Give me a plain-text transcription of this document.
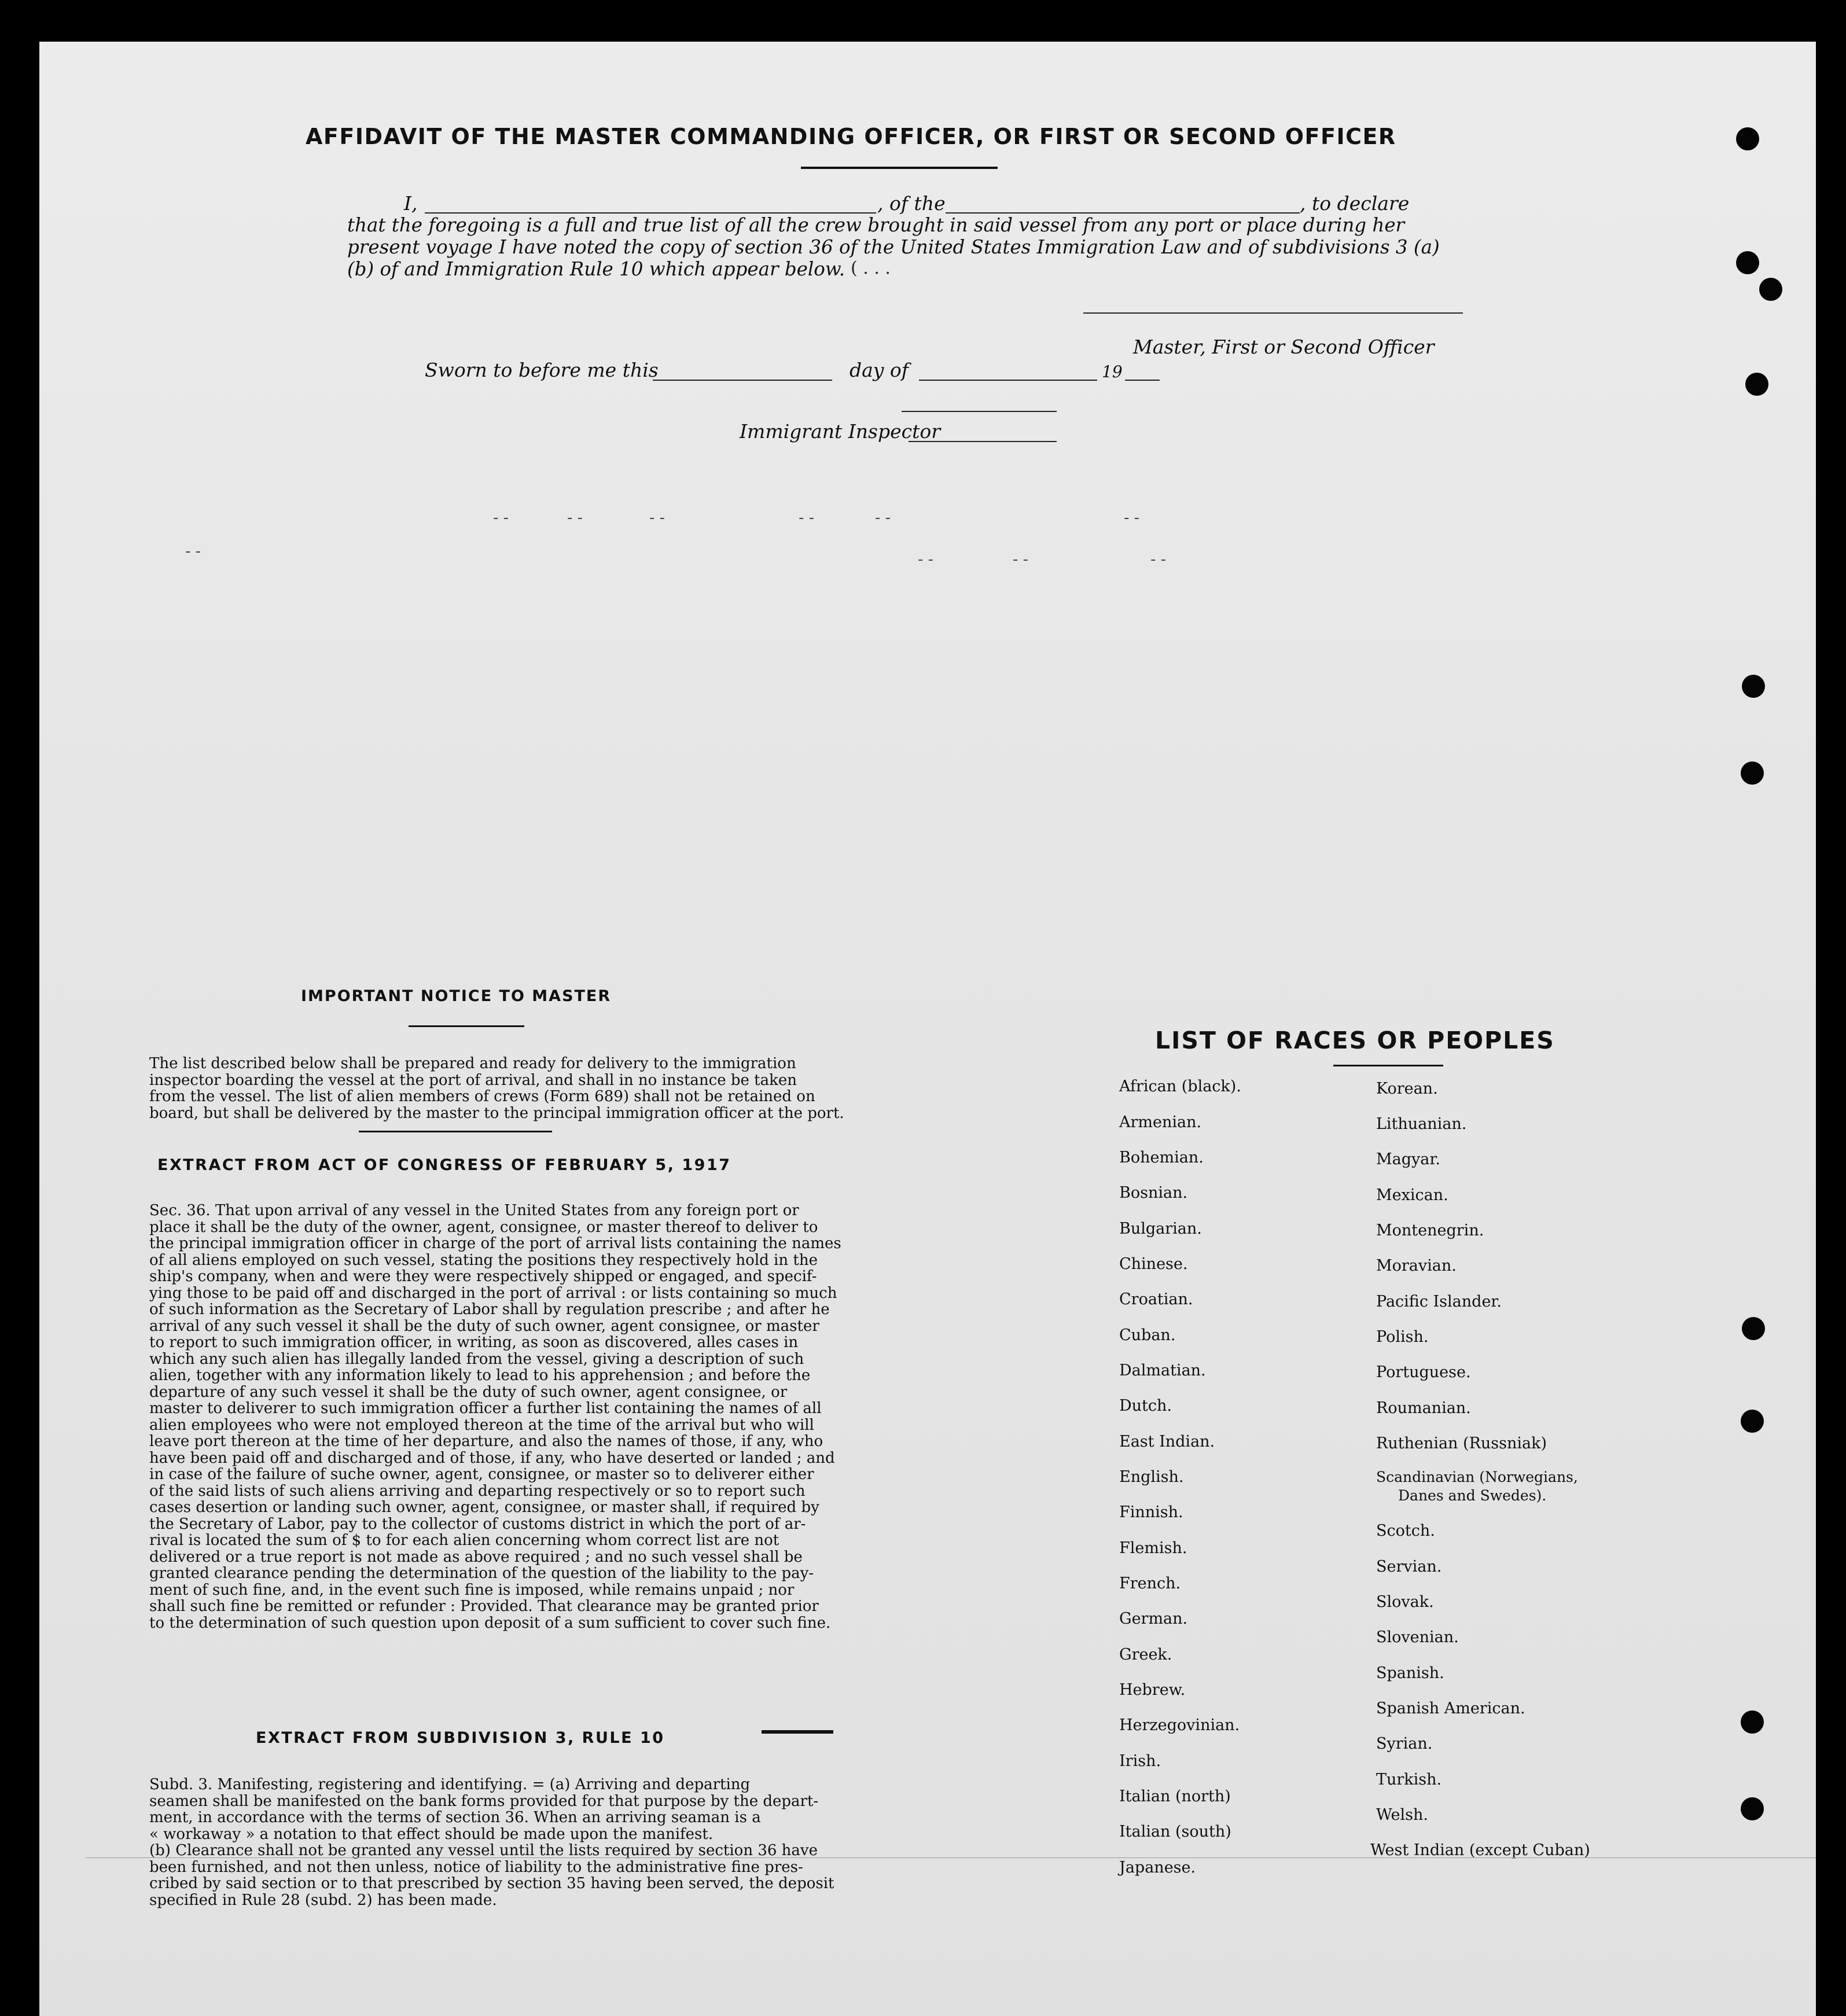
AFFIDAVIT OF THE MASTER COMMANDING OFFICER, OR FIRST OR SECOND OFFICER
I,	, of the	, to declare
that the foregoing is a full and true list of all the crew brought in said vessel from any port or place during her
present voyage I have noted the copy of section 36 of the United States Immigration Law and of subdivisions 3 (a)
(b) of and Immigration Rule 10 which appear below. ( . . .
Master, First or Second Officer
Sworn to before me this	day of	19
Immigrant Inspector
- -	- -	- -	- -	- -	- -
- -	- -	- -	- -
IMPORTANT NOTICE TO MASTER
The list described below shall be prepared and ready for delivery to the immigration
inspector boarding the vessel at the port of arrival, and shall in no instance be taken
from the vessel. The list of alien members of crews (Form 689) shall not be retained on
board, but shall be delivered by the master to the principal immigration officer at the port.
EXTRACT FROM ACT OF CONGRESS OF FEBRUARY 5, 1917
Sec. 36. That upon arrival of any vessel in the United States from any foreign port or
place it shall be the duty of the owner, agent, consignee, or master thereof to deliver to
the principal immigration officer in charge of the port of arrival lists containing the names
of all aliens employed on such vessel, stating the positions they respectively hold in the
ship's company, when and were they were respectively shipped or engaged, and specif-
ying those to be paid off and discharged in the port of arrival : or lists containing so much
of such information as the Secretary of Labor shall by regulation prescribe ; and after he
arrival of any such vessel it shall be the duty of such owner, agent consignee, or master
to report to such immigration officer, in writing, as soon as discovered, alles cases in
which any such alien has illegally landed from the vessel, giving a description of such
alien, together with any information likely to lead to his apprehension ; and before the
departure of any such vessel it shall be the duty of such owner, agent consignee, or
master to deliverer to such immigration officer a further list containing the names of all
alien employees who were not employed thereon at the time of the arrival but who will
leave port thereon at the time of her departure, and also the names of those, if any, who
have been paid off and discharged and of those, if any, who have deserted or landed ; and
in case of the failure of suche owner, agent, consignee, or master so to deliverer either
of the said lists of such aliens arriving and departing respectively or so to report such
cases desertion or landing such owner, agent, consignee, or master shall, if required by
the Secretary of Labor, pay to the collector of customs district in which the port of ar-
rival is located the sum of $ to for each alien concerning whom correct list are not
delivered or a true report is not made as above required ; and no such vessel shall be
granted clearance pending the determination of the question of the liability to the pay-
ment of such fine, and, in the event such fine is imposed, while remains unpaid ; nor
shall such fine be remitted or refunder : Provided. That clearance may be granted prior
to the determination of such question upon deposit of a sum sufficient to cover such fine.
EXTRACT FROM SUBDIVISION 3, RULE 10
Subd. 3. Manifesting, registering and identifying. = (a) Arriving and departing
seamen shall be manifested on the bank forms provided for that purpose by the depart-
ment, in accordance with the terms of section 36. When an arriving seaman is a
« workaway » a notation to that effect should be made upon the manifest.
(b) Clearance shall not be granted any vessel until the lists required by section 36 have
been furnished, and not then unless, notice of liability to the administrative fine pres-
cribed by said section or to that prescribed by section 35 having been served, the deposit
specified in Rule 28 (subd. 2) has been made.
LIST OF RACES OR PEOPLES
African (black).
Armenian.
Bohemian.
Bosnian.
Bulgarian.
Chinese.
Croatian.
Cuban.
Dalmatian.
Dutch.
East Indian.
English.
Finnish.
Flemish.
French.
German.
Greek.
Hebrew.
Herzegovinian.
Irish.
Italian (north)
Italian (south)
Japanese.
Korean.
Lithuanian.
Magyar.
Mexican.
Montenegrin.
Moravian.
Pacific Islander.
Polish.
Portuguese.
Roumanian.
Ruthenian (Russniak)
Scandinavian (Norwegians,
Danes and Swedes).
Scotch.
Servian.
Slovak.
Slovenian.
Spanish.
Spanish American.
Syrian.
Turkish.
Welsh.
West Indian (except Cuban)
